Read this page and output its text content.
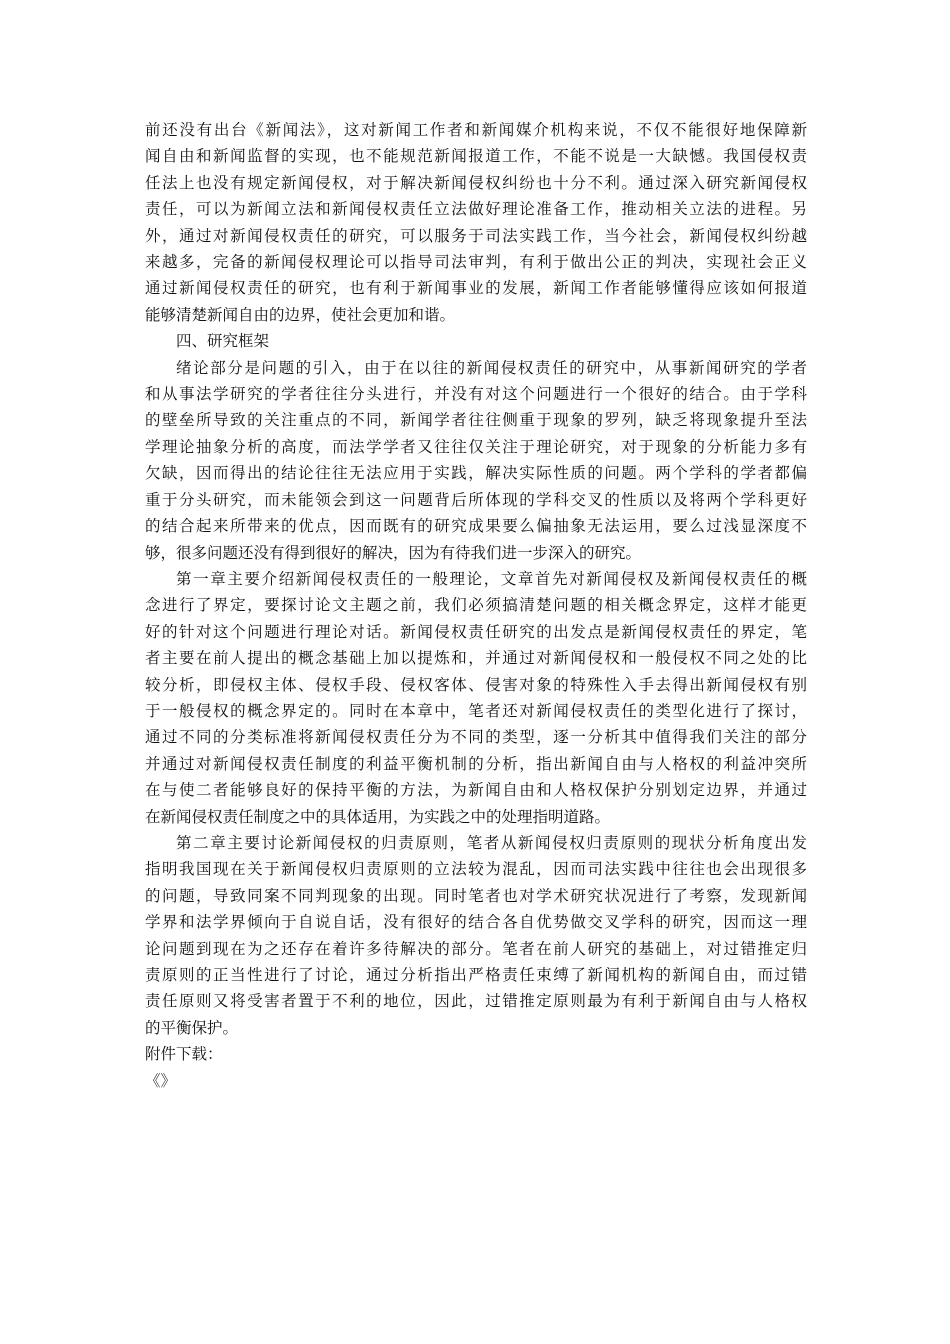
前还没有出台《新闻法》，这对新闻工作者和新闻媒介机构来说，不仅不能很好地保障新
闻自由和新闻监督的实现，也不能规范新闻报道工作，不能不说是一大缺憾。我国侵权责
任法上也没有规定新闻侵权，对于解决新闻侵权纠纷也十分不利。通过深入研究新闻侵权
责任，可以为新闻立法和新闻侵权责任立法做好理论准备工作，推动相关立法的进程。另
外，通过对新闻侵权责任的研究，可以服务于司法实践工作，当今社会，新闻侵权纠纷越
来越多，完备的新闻侵权理论可以指导司法审判，有利于做出公正的判决，实现社会正义
通过新闻侵权责任的研究，也有利于新闻事业的发展，新闻工作者能够懂得应该如何报道
能够清楚新闻自由的边界，使社会更加和谐。
四、研究框架
绪论部分是问题的引入，由于在以往的新闻侵权责任的研究中，从事新闻研究的学者
和从事法学研究的学者往往分头进行，并没有对这个问题进行一个很好的结合。由于学科
的壁垒所导致的关注重点的不同，新闻学者往往侧重于现象的罗列，缺乏将现象提升至法
学理论抽象分析的高度，而法学学者又往往仅关注于理论研究，对于现象的分析能力多有
欠缺，因而得出的结论往往无法应用于实践，解决实际性质的问题。两个学科的学者都偏
重于分头研究，而未能领会到这一问题背后所体现的学科交叉的性质以及将两个学科更好
的结合起来所带来的优点，因而既有的研究成果要么偏抽象无法运用，要么过浅显深度不
够，很多问题还没有得到很好的解决，因为有待我们进一步深入的研究。
第一章主要介绍新闻侵权责任的一般理论，文章首先对新闻侵权及新闻侵权责任的概
念进行了界定，要探讨论文主题之前，我们必须搞清楚问题的相关概念界定，这样才能更
好的针对这个问题进行理论对话。新闻侵权责任研究的出发点是新闻侵权责任的界定，笔
者主要在前人提出的概念基础上加以提炼和，并通过对新闻侵权和一般侵权不同之处的比
较分析，即侵权主体、侵权手段、侵权客体、侵害对象的特殊性入手去得出新闻侵权有别
于一般侵权的概念界定的。同时在本章中，笔者还对新闻侵权责任的类型化进行了探讨，
通过不同的分类标准将新闻侵权责任分为不同的类型，逐一分析其中值得我们关注的部分
并通过对新闻侵权责任制度的利益平衡机制的分析，指出新闻自由与人格权的利益冲突所
在与使二者能够良好的保持平衡的方法，为新闻自由和人格权保护分别划定边界，并通过
在新闻侵权责任制度之中的具体适用，为实践之中的处理指明道路。
第二章主要讨论新闻侵权的归责原则，笔者从新闻侵权归责原则的现状分析角度出发
指明我国现在关于新闻侵权归责原则的立法较为混乱，因而司法实践中往往也会出现很多
的问题，导致同案不同判现象的出现。同时笔者也对学术研究状况进行了考察，发现新闻
学界和法学界倾向于自说自话，没有很好的结合各自优势做交叉学科的研究，因而这一理
论问题到现在为之还存在着许多待解决的部分。笔者在前人研究的基础上，对过错推定归
责原则的正当性进行了讨论，通过分析指出严格责任束缚了新闻机构的新闻自由，而过错
责任原则又将受害者置于不利的地位，因此，过错推定原则最为有利于新闻自由与人格权
的平衡保护。
附件下载：
《》
